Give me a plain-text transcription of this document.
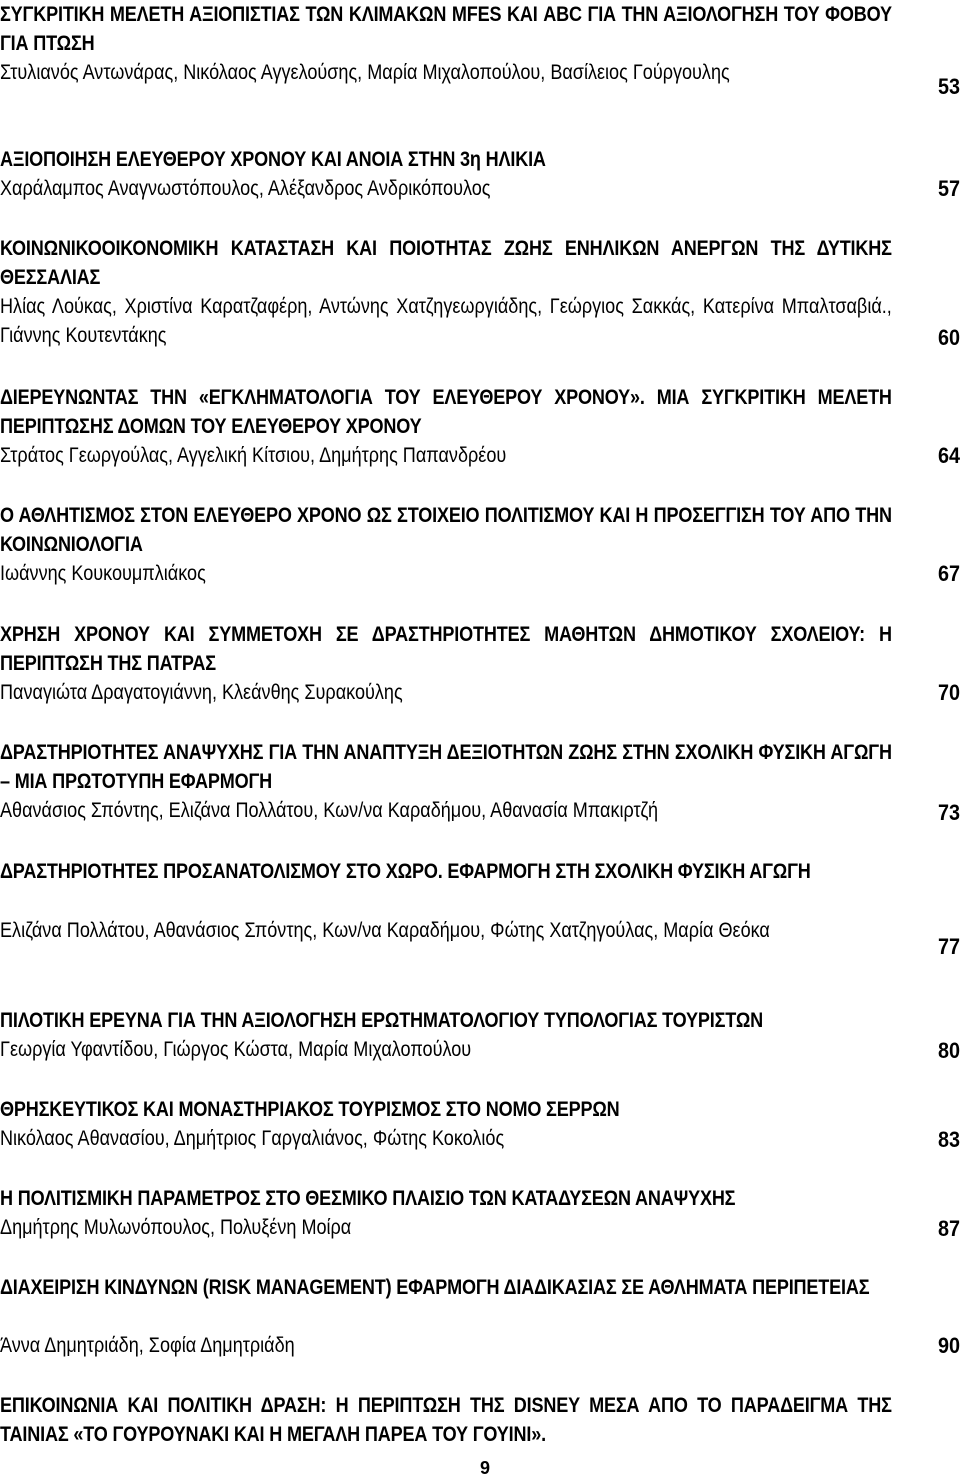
ΣΥΓΚΡΙΤΙΚΗ ΜΕΛΕΤΗ ΑΞΙΟΠΙΣΤΙΑΣ ΤΩΝ ΚΛΙΜΑΚΩΝ MFES ΚΑΙ ABC ΓΙΑ ΤΗΝ ΑΞΙΟΛΟΓΗΣΗ ΤΟΥ ΦΟΒΟΥ ΓΙΑ ΠΤΩΣΗ
Στυλιανός Αντωνάρας, Νικόλαος Αγγελούσης, Μαρία Μιχαλοπούλου, Βασίλειος Γούργουλης
53
ΑΞΙΟΠΟΙΗΣΗ ΕΛΕΥΘΕΡΟΥ ΧΡΟΝΟΥ ΚΑΙ ΑΝΟΙΑ ΣΤΗΝ 3η ΗΛΙΚΙΑ
Χαράλαμπος Αναγνωστόπουλος, Αλέξανδρος Ανδρικόπουλος	57
ΚΟΙΝΩΝΙΚΟΟΙΚΟΝΟΜΙΚΗ ΚΑΤΑΣΤΑΣΗ ΚΑΙ ΠΟΙΟΤΗΤΑΣ ΖΩΗΣ ΕΝΗΛΙΚΩΝ ΑΝΕΡΓΩΝ ΤΗΣ ΔΥΤΙΚΗΣ ΘΕΣΣΑΛΙΑΣ
Ηλίας Λούκας, Χριστίνα Καρατζαφέρη, Αντώνης Χατζηγεωργιάδης, Γεώργιος Σακκάς, Κατερίνα Μπαλτσαβιά., Γιάννης Κουτεντάκης	60
ΔΙΕΡΕΥΝΩΝΤΑΣ ΤΗΝ «ΕΓΚΛΗΜΑΤΟΛΟΓΙΑ ΤΟΥ ΕΛΕΥΘΕΡΟΥ ΧΡΟΝΟΥ». ΜΙΑ ΣΥΓΚΡΙΤΙΚΗ ΜΕΛΕΤΗ ΠΕΡΙΠΤΩΣΗΣ ΔΟΜΩΝ ΤΟΥ ΕΛΕΥΘΕΡΟΥ ΧΡΟΝΟΥ
Στράτος Γεωργούλας, Αγγελική Κίτσιου, Δημήτρης Παπανδρέου	64
Ο ΑΘΛΗΤΙΣΜΟΣ ΣΤΟΝ ΕΛΕΥΘΕΡΟ ΧΡΟΝΟ ΩΣ ΣΤΟΙΧΕΙΟ ΠΟΛΙΤΙΣΜΟΥ ΚΑΙ Η ΠΡΟΣΕΓΓΙΣΗ ΤΟΥ ΑΠΟ ΤΗΝ ΚΟΙΝΩΝΙΟΛΟΓΙΑ
Ιωάννης Κουκουμπλιάκος	67
ΧΡΗΣΗ ΧΡΟΝΟΥ ΚΑΙ ΣΥΜΜΕΤΟΧΗ ΣΕ ΔΡΑΣΤΗΡΙΟΤΗΤΕΣ ΜΑΘΗΤΩΝ ΔΗΜΟΤΙΚΟΥ ΣΧΟΛΕΙΟΥ: Η ΠΕΡΙΠΤΩΣΗ ΤΗΣ ΠΑΤΡΑΣ
Παναγιώτα Δραγατογιάννη, Κλεάνθης Συρακούλης	70
ΔΡΑΣΤΗΡΙΟΤΗΤΕΣ ΑΝΑΨΥΧΗΣ ΓΙΑ ΤΗΝ ΑΝΑΠΤΥΞΗ ΔΕΞΙΟΤΗΤΩΝ ΖΩΗΣ ΣΤΗΝ ΣΧΟΛΙΚΗ ΦΥΣΙΚΗ ΑΓΩΓΗ – ΜΙΑ ΠΡΩΤΟΤΥΠΗ ΕΦΑΡΜΟΓΗ
Αθανάσιος Σπόντης, Ελιζάνα Πολλάτου, Κων/να Καραδήμου, Αθανασία Μπακιρτζή	73
ΔΡΑΣΤΗΡΙΟΤΗΤΕΣ ΠΡΟΣΑΝΑΤΟΛΙΣΜΟΥ ΣΤΟ ΧΩΡΟ. ΕΦΑΡΜΟΓΗ ΣΤΗ ΣΧΟΛΙΚΗ ΦΥΣΙΚΗ ΑΓΩΓΗ
Ελιζάνα Πολλάτου, Αθανάσιος Σπόντης, Κων/να Καραδήμου, Φώτης Χατζηγούλας, Μαρία Θεόκα
77
ΠΙΛΟΤΙΚΗ ΕΡΕΥΝΑ ΓΙΑ ΤΗΝ ΑΞΙΟΛΟΓΗΣΗ ΕΡΩΤΗΜΑΤΟΛΟΓΙΟΥ ΤΥΠΟΛΟΓΙΑΣ ΤΟΥΡΙΣΤΩΝ
Γεωργία Υφαντίδου, Γιώργος Κώστα, Μαρία Μιχαλοπούλου	80
ΘΡΗΣΚΕΥΤΙΚΟΣ ΚΑΙ ΜΟΝΑΣΤΗΡΙΑΚΟΣ ΤΟΥΡΙΣΜΟΣ ΣΤΟ ΝΟΜΟ ΣΕΡΡΩΝ
Νικόλαος Αθανασίου, Δημήτριος Γαργαλιάνος, Φώτης Κοκολιός	83
Η ΠΟΛΙΤΙΣΜΙΚΗ ΠΑΡΑΜΕΤΡΟΣ ΣΤΟ ΘΕΣΜΙΚΟ ΠΛΑΙΣΙΟ ΤΩΝ ΚΑΤΑΔΥΣΕΩΝ ΑΝΑΨΥΧΗΣ
Δημήτρης Μυλωνόπουλος, Πολυξένη Μοίρα	87
ΔΙΑΧΕΙΡΙΣΗ ΚΙΝΔΥΝΩΝ (RISK MANAGEMENT) ΕΦΑΡΜΟΓΗ ΔΙΑΔΙΚΑΣΙΑΣ ΣΕ ΑΘΛΗΜΑΤΑ ΠΕΡΙΠΕΤΕΙΑΣ
Άννα Δημητριάδη, Σοφία Δημητριάδη	90
ΕΠΙΚΟΙΝΩΝΙΑ ΚΑΙ ΠΟΛΙΤΙΚΗ ΔΡΑΣΗ: Η ΠΕΡΙΠΤΩΣΗ ΤΗΣ DISNEY ΜΕΣΑ ΑΠΟ ΤΟ ΠΑΡΑΔΕΙΓΜΑ ΤΗΣ ΤΑΙΝΙΑΣ «ΤΟ ΓΟΥΡΟΥΝΑΚΙ ΚΑΙ Η ΜΕΓΑΛΗ ΠΑΡΕΑ ΤΟΥ ΓΟΥΙΝΙ».
9
